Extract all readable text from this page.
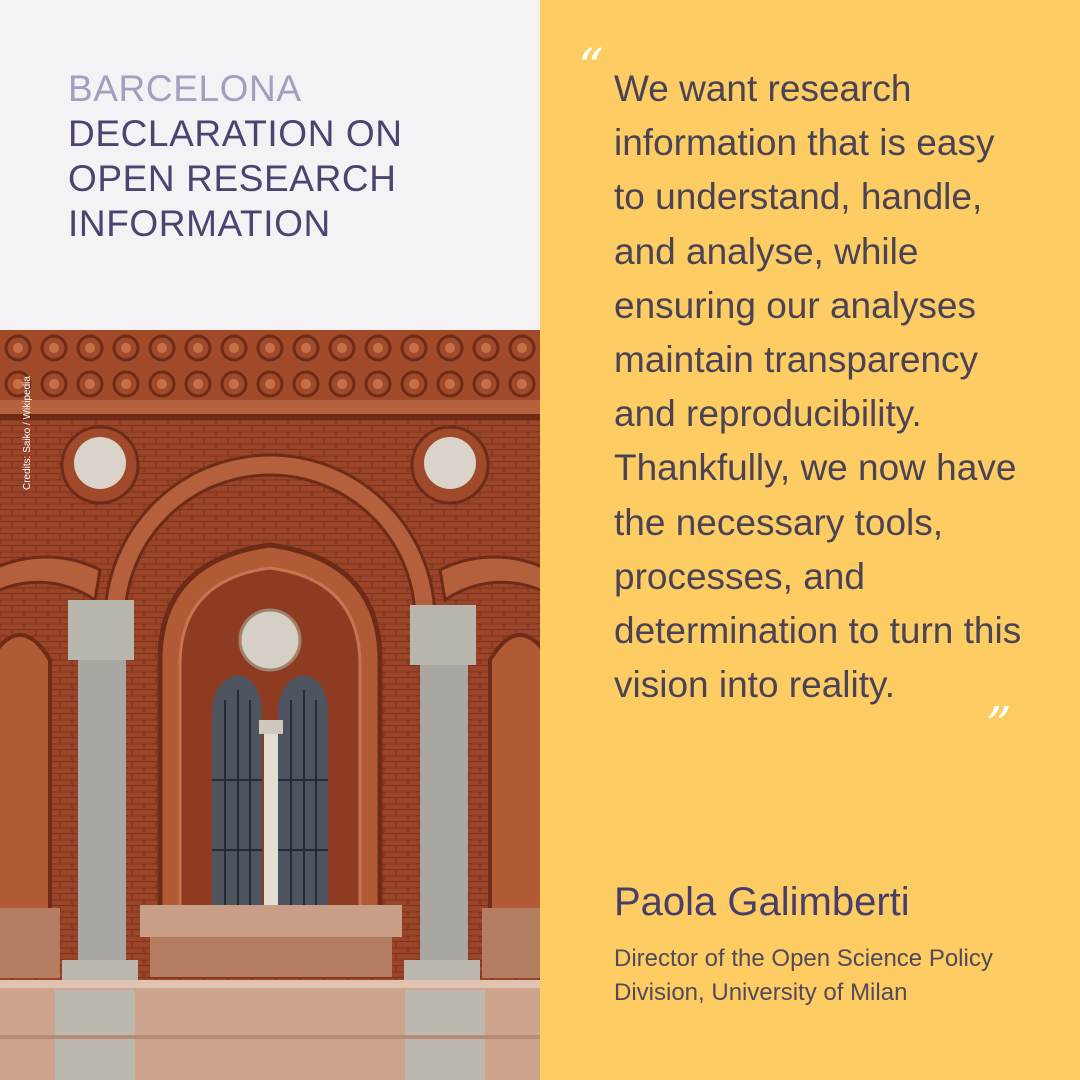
BARCELONA
DECLARATION ON
OPEN RESEARCH
INFORMATION
Credits: Saiko / Wikipedia
“ We want research information that is easy to understand, handle, and analyse, while ensuring our analyses maintain transparency and reproducibility. Thankfully, we now have the necessary tools, processes, and determination to turn this vision into reality.

”
Paola Galimberti

Director of the Open Science Policy Division, University of Milan
